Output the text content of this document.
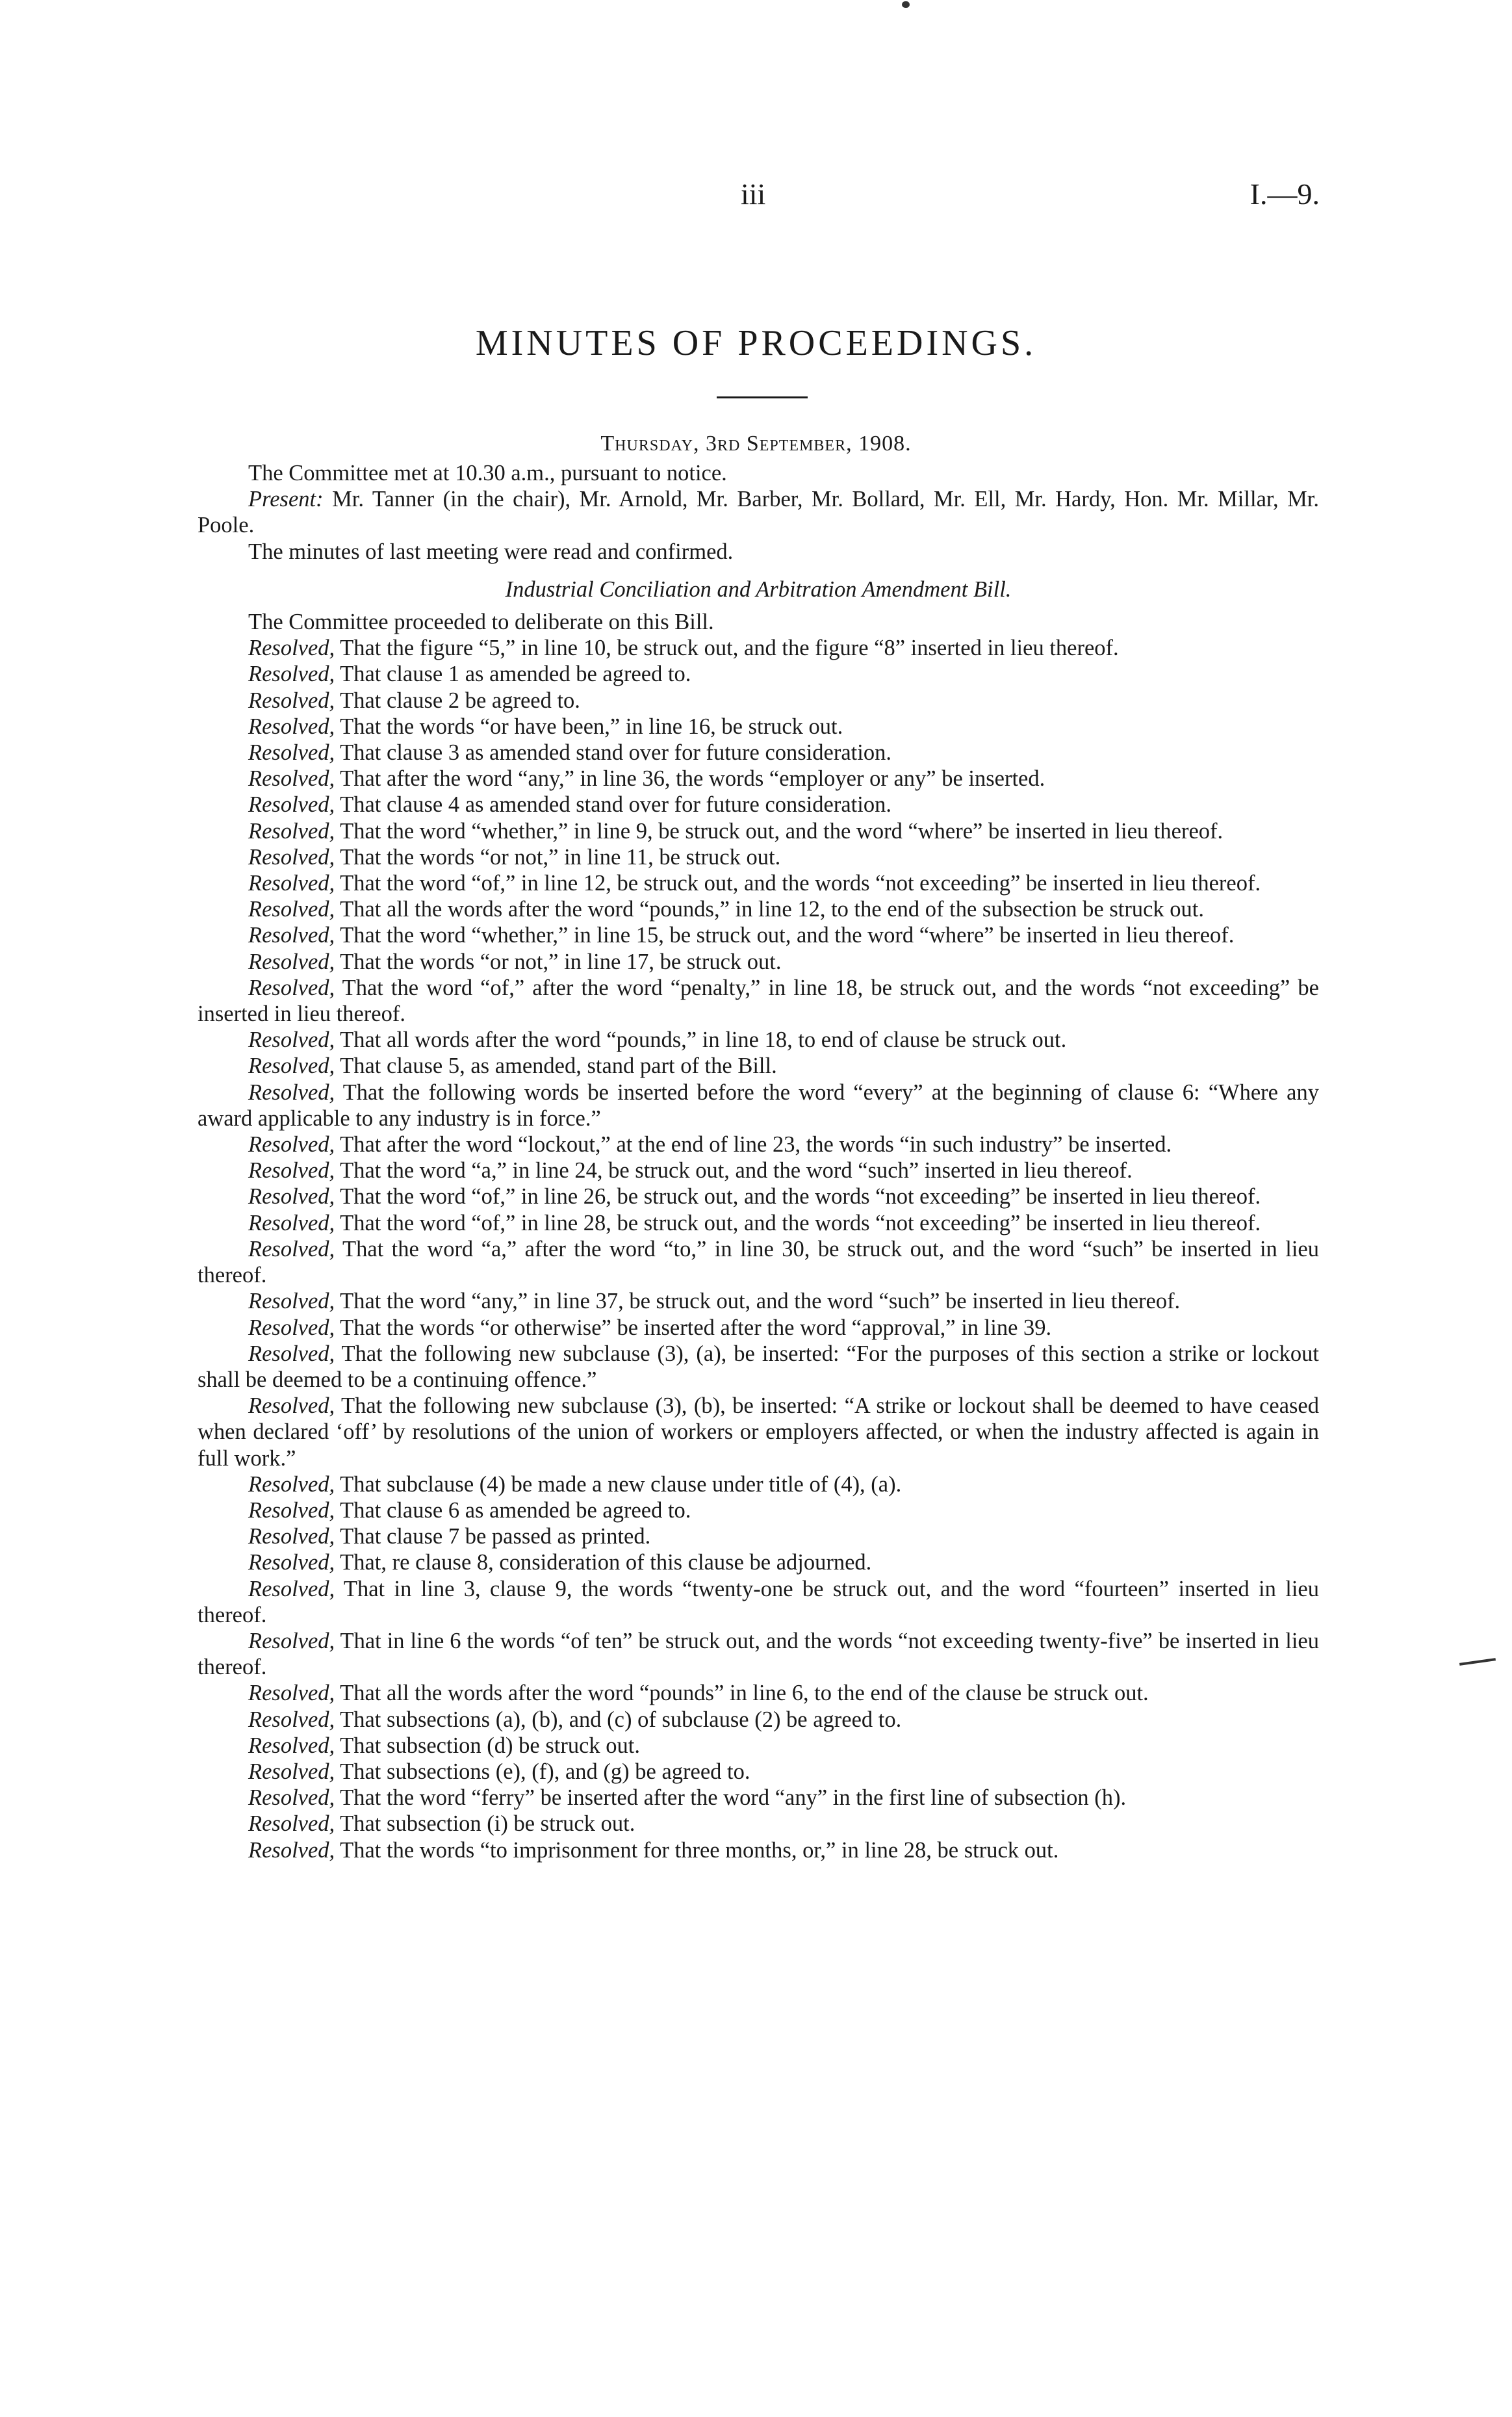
iii	I.—9.
MINUTES OF PROCEEDINGS.
Thursday, 3rd September, 1908.

The Committee met at 10.30 a.m., pursuant to notice.

Present: Mr. Tanner (in the chair), Mr. Arnold, Mr. Barber, Mr. Bollard, Mr. Ell, Mr. Hardy, Hon. Mr. Millar, Mr. Poole.

The minutes of last meeting were read and confirmed.

Industrial Conciliation and Arbitration Amendment Bill.

The Committee proceeded to deliberate on this Bill.

Resolved, That the figure “5,” in line 10, be struck out, and the figure “8” inserted in lieu thereof.

Resolved, That clause 1 as amended be agreed to.

Resolved, That clause 2 be agreed to.

Resolved, That the words “or have been,” in line 16, be struck out.

Resolved, That clause 3 as amended stand over for future consideration.

Resolved, That after the word “any,” in line 36, the words “employer or any” be inserted.

Resolved, That clause 4 as amended stand over for future consideration.

Resolved, That the word “whether,” in line 9, be struck out, and the word “where” be inserted in lieu thereof.

Resolved, That the words “or not,” in line 11, be struck out.

Resolved, That the word “of,” in line 12, be struck out, and the words “not exceeding” be inserted in lieu thereof.

Resolved, That all the words after the word “pounds,” in line 12, to the end of the subsection be struck out.

Resolved, That the word “whether,” in line 15, be struck out, and the word “where” be inserted in lieu thereof.

Resolved, That the words “or not,” in line 17, be struck out.

Resolved, That the word “of,” after the word “penalty,” in line 18, be struck out, and the words “not exceeding” be inserted in lieu thereof.

Resolved, That all words after the word “pounds,” in line 18, to end of clause be struck out.

Resolved, That clause 5, as amended, stand part of the Bill.

Resolved, That the following words be inserted before the word “every” at the beginning of clause 6: “Where any award applicable to any industry is in force.”

Resolved, That after the word “lockout,” at the end of line 23, the words “in such industry” be inserted.

Resolved, That the word “a,” in line 24, be struck out, and the word “such” inserted in lieu thereof.

Resolved, That the word “of,” in line 26, be struck out, and the words “not exceeding” be inserted in lieu thereof.

Resolved, That the word “of,” in line 28, be struck out, and the words “not exceeding” be inserted in lieu thereof.

Resolved, That the word “a,” after the word “to,” in line 30, be struck out, and the word “such” be inserted in lieu thereof.

Resolved, That the word “any,” in line 37, be struck out, and the word “such” be inserted in lieu thereof.

Resolved, That the words “or otherwise” be inserted after the word “approval,” in line 39.

Resolved, That the following new subclause (3), (a), be inserted: “For the purposes of this section a strike or lockout shall be deemed to be a continuing offence.”

Resolved, That the following new subclause (3), (b), be inserted: “A strike or lockout shall be deemed to have ceased when declared ‘off’ by resolutions of the union of workers or employers affected, or when the industry affected is again in full work.”

Resolved, That subclause (4) be made a new clause under title of (4), (a).

Resolved, That clause 6 as amended be agreed to.

Resolved, That clause 7 be passed as printed.

Resolved, That, re clause 8, consideration of this clause be adjourned.

Resolved, That in line 3, clause 9, the words “twenty-one be struck out, and the word “fourteen” inserted in lieu thereof.

Resolved, That in line 6 the words “of ten” be struck out, and the words “not exceeding twenty-five” be inserted in lieu thereof.

Resolved, That all the words after the word “pounds” in line 6, to the end of the clause be struck out.

Resolved, That subsections (a), (b), and (c) of subclause (2) be agreed to.

Resolved, That subsection (d) be struck out.

Resolved, That subsections (e), (f), and (g) be agreed to.

Resolved, That the word “ferry” be inserted after the word “any” in the first line of subsection (h).

Resolved, That subsection (i) be struck out.

Resolved, That the words “to imprisonment for three months, or,” in line 28, be struck out.
